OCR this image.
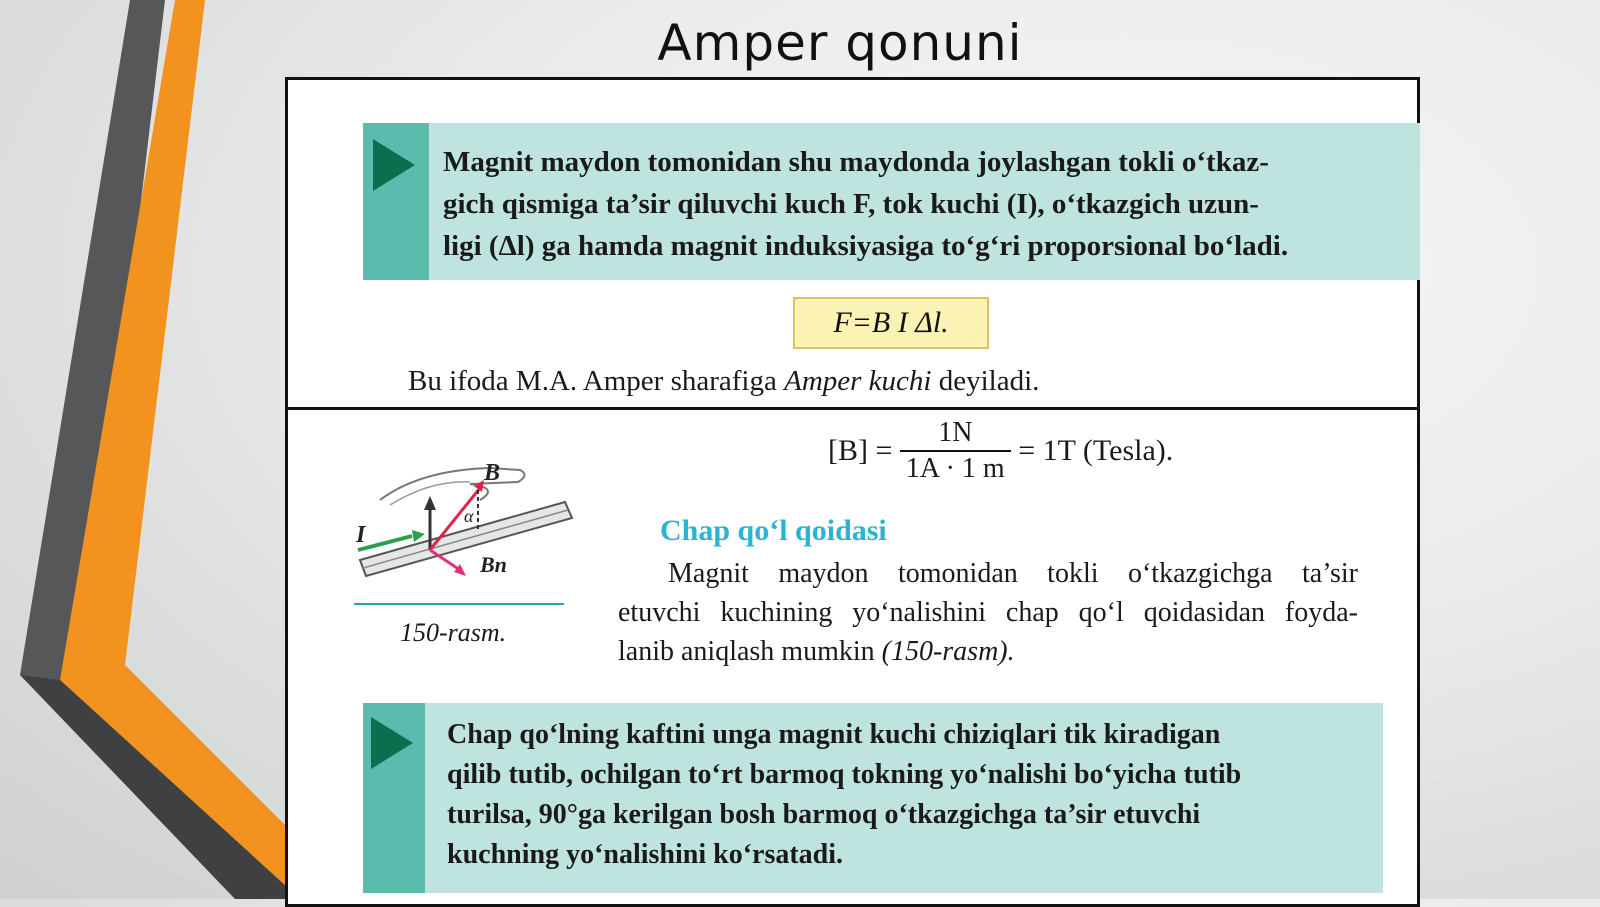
Amper qonuni
Magnit maydon tomonidan shu maydonda joylashgan tokli o‘tkaz-
gich qismiga ta’sir qiluvchi kuch F, tok kuchi (I), o‘tkazgich uzun-
ligi (Δl) ga hamda magnit induksiyasiga to‘g‘ri proporsional bo‘ladi.
F=B I Δl.
Bu ifoda M.A. Amper sharafiga Amper kuchi deyiladi.
$[B] = \frac{1N}{1A \cdot 1 m} = 1T$ (Tesla).
I
B
α
Bn
150-rasm.
Chap qo‘l qoidasi
Magnit maydon tomonidan tokli o‘tkazgichga ta’sir
etuvchi kuchining yo‘nalishini chap qo‘l qoidasidan foyda-
lanib aniqlash mumkin (150-rasm).
Chap qo‘lning kaftini unga magnit kuchi chiziqlari tik kiradigan
qilib tutib, ochilgan to‘rt barmoq tokning yo‘nalishi bo‘yicha tutib
turilsa, 90°ga kerilgan bosh barmoq o‘tkazgichga ta’sir etuvchi
kuchning yo‘nalishini ko‘rsatadi.
